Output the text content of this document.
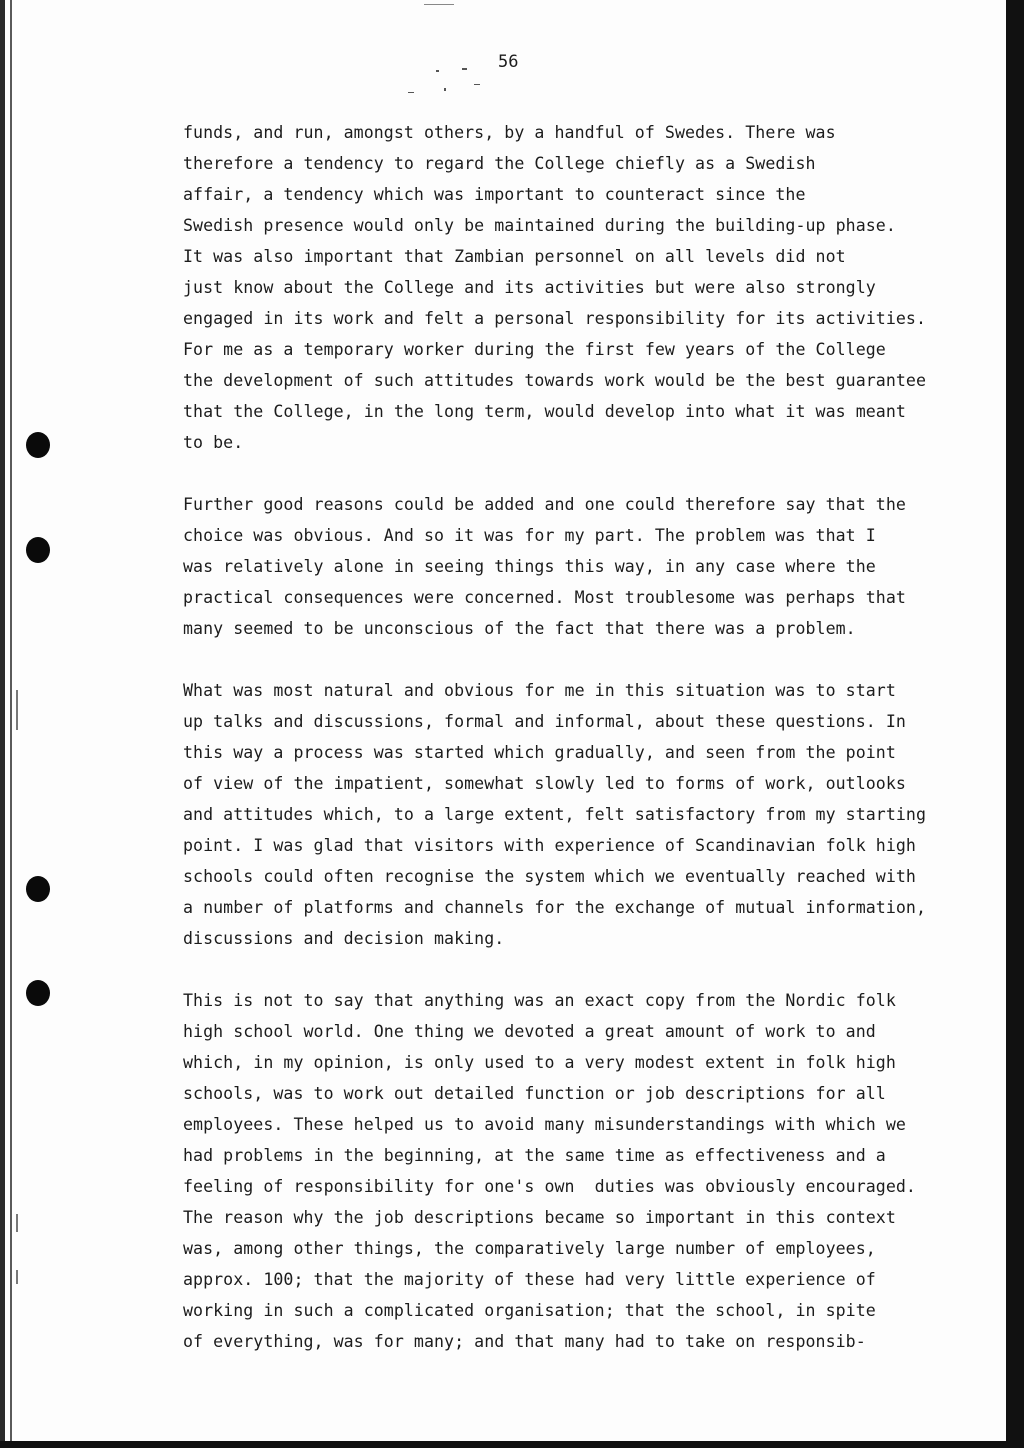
56
funds, and run, amongst others, by a handful of Swedes. There was
therefore a tendency to regard the College chiefly as a Swedish
affair, a tendency which was important to counteract since the
Swedish presence would only be maintained during the building-up phase.
It was also important that Zambian personnel on all levels did not
just know about the College and its activities but were also strongly
engaged in its work and felt a personal responsibility for its activities.
For me as a temporary worker during the first few years of the College
the development of such attitudes towards work would be the best guarantee
that the College, in the long term, would develop into what it was meant
to be.
Further good reasons could be added and one could therefore say that the
choice was obvious. And so it was for my part. The problem was that I
was relatively alone in seeing things this way, in any case where the
practical consequences were concerned. Most troublesome was perhaps that
many seemed to be unconscious of the fact that there was a problem.
What was most natural and obvious for me in this situation was to start
up talks and discussions, formal and informal, about these questions. In
this way a process was started which gradually, and seen from the point
of view of the impatient, somewhat slowly led to forms of work, outlooks
and attitudes which, to a large extent, felt satisfactory from my starting
point. I was glad that visitors with experience of Scandinavian folk high
schools could often recognise the system which we eventually reached with
a number of platforms and channels for the exchange of mutual information,
discussions and decision making.
This is not to say that anything was an exact copy from the Nordic folk
high school world. One thing we devoted a great amount of work to and
which, in my opinion, is only used to a very modest extent in folk high
schools, was to work out detailed function or job descriptions for all
employees. These helped us to avoid many misunderstandings with which we
had problems in the beginning, at the same time as effectiveness and a
feeling of responsibility for one's own  duties was obviously encouraged.
The reason why the job descriptions became so important in this context
was, among other things, the comparatively large number of employees,
approx. 100; that the majority of these had very little experience of
working in such a complicated organisation; that the school, in spite
of everything, was for many; and that many had to take on responsib-
